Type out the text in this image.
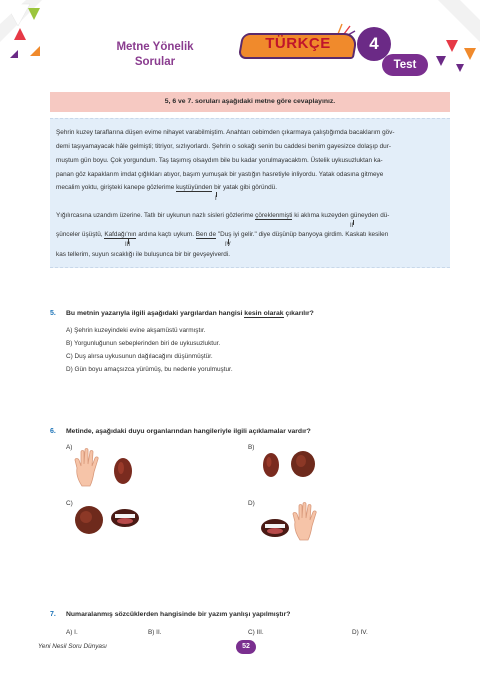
Metne Yönelik
Sorular
TÜRKÇE	4
Test
5, 6 ve 7. soruları aşağıdaki metne göre cevaplayınız.
Şehrin kuzey taraflarına düşen evime nihayet varabilmiştim. Anahtarı cebimden çıkarmaya çalıştığımda bacaklarım göv-
demi taşıyamayacak hâle gelmişti; titriyor, sızlıyorlardı. Şehrin o sokağı senin bu caddesi benim gayesizce dolaşıp dur-
muştum gün boyu. Çok yorgundum. Taş taşımış olsaydım bile bu kadar yorulmayacaktım. Üstelik uykusuzluktan ka-
panan göz kapaklarım imdat çığlıkları atıyor, başım yumuşak bir yastığın hasretiyle inliyordu. Yatak odasına gitmeye
mecalim yoktu, girişteki kanepe gözlerime kuştüyünden bir yatak gibi göründü.
I
Yığılırcasına uzandım üzerine. Tatlı bir uykunun nazlı sisleri gözlerime çöreklenmişti ki aklıma kuzeyden güneyden dü-
II
şünceler üşüştü, Kafdağı'nın ardına kaçtı uykum. Ben de "Duş iyi gelir." diye düşünüp banyoya girdim. Kaskatı kesilen
III	IV
kas tellerim, suyun sıcaklığı ile buluşunca bir bir gevşeyiverdi.
5. Bu metnin yazarıyla ilgili aşağıdaki yargılardan hangisi kesin olarak çıkarılır?
A) Şehrin kuzeyindeki evine akşamüstü varmıştır.
B) Yorgunluğunun sebeplerinden biri de uykusuzluktur.
C) Duş alırsa uykusunun dağılacağını düşünmüştür.
D) Gün boyu amaçsızca yürümüş, bu nedenle yorulmuştur.
6. Metinde, aşağıdaki duyu organlarından hangileriyle ilgili açıklamalar vardır?
A)	B)
C)	D)
7. Numaralanmış sözcüklerden hangisinde bir yazım yanlışı yapılmıştır?
A) I.	B) II.	C) III.	D) IV.
Yeni Nesil Soru Dünyası	52
